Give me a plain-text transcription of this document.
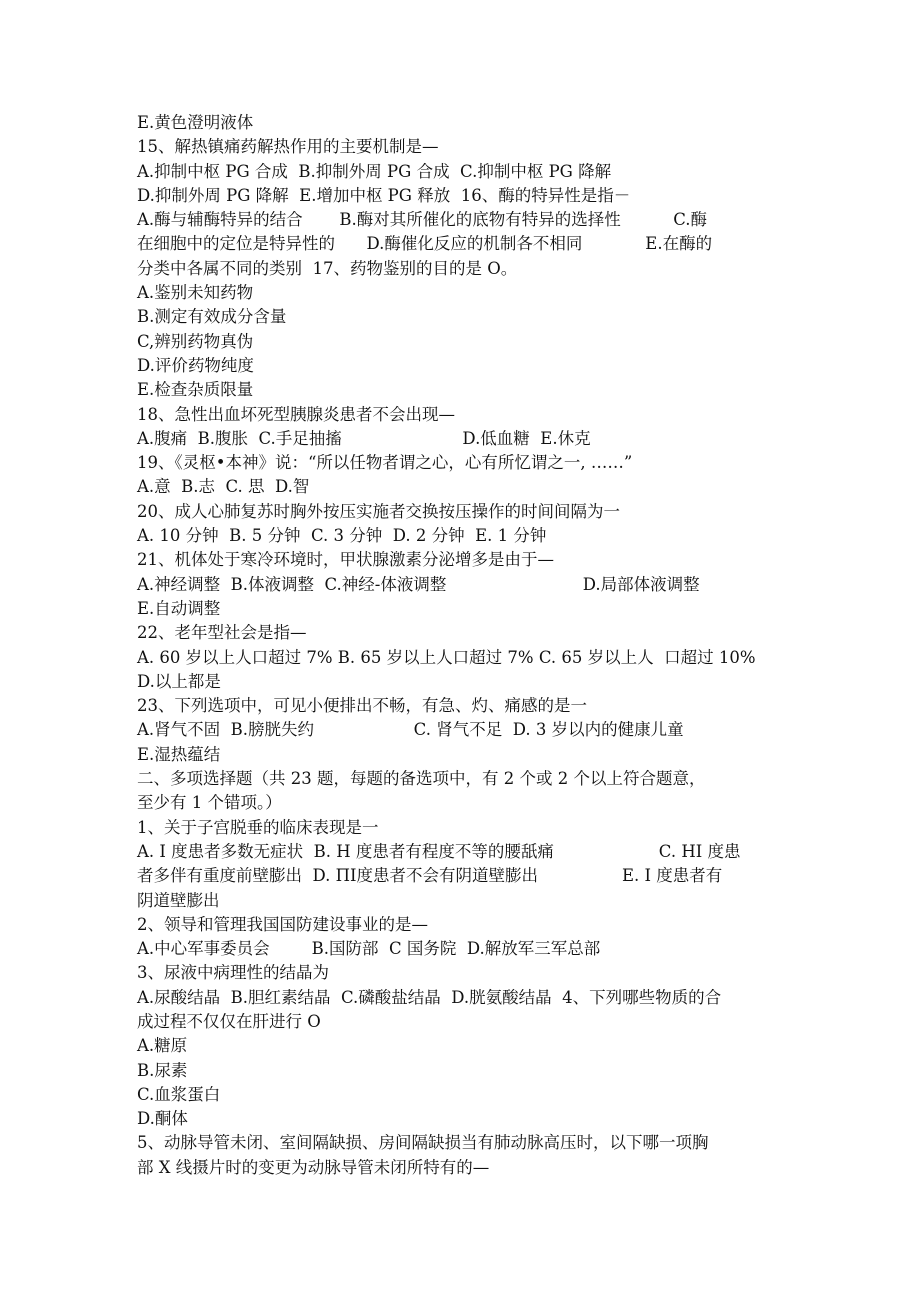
E.黄色澄明液体
15、解热镇痛药解热作用的主要机制是—
A.抑制中枢 PG 合成  B.抑制外周 PG 合成  C.抑制中枢 PG 降解
D.抑制外周 PG 降解  E.增加中枢 PG 释放  16、酶的特异性是指－
A.酶与辅酶特异的结合       B.酶对其所催化的底物有特异的选择性          C.酶
在细胞中的定位是特异性的      D.酶催化反应的机制各不相同            E.在酶的
分类中各属不同的类别  17、药物鉴别的目的是 O。
A.鉴别未知药物
B.测定有效成分含量
C,辨别药物真伪
D.评价药物纯度
E.检查杂质限量
18、急性出血坏死型胰腺炎患者不会出现—
A.腹痛  B.腹胀  C.手足抽搐                       D.低血糖  E.休克
19、《灵枢•本神》说：“所以任物者谓之心，心有所忆谓之一, ……”
A.意  B.志  C. 思  D.智
20、成人心肺复苏时胸外按压实施者交换按压操作的时间间隔为一
A. 10 分钟  B. 5 分钟  C. 3 分钟  D. 2 分钟  E. 1 分钟
21、机体处于寒冷环境时，甲状腺激素分泌增多是由于—
A.神经调整  B.体液调整  C.神经-体液调整                          D.局部体液调整
E.自动调整
22、老年型社会是指—
A. 60 岁以上人口超过 7% B. 65 岁以上人口超过 7% C. 65 岁以上人  口超过 10%
D.以上都是
23、下列选项中，可见小便排出不畅，有急、灼、痛感的是一
A.肾气不固  B.膀胱失约                   C. 肾气不足  D. 3 岁以内的健康儿童
E.湿热蕴结
二、多项选择题（共 23 题，每题的备选项中，有 2 个或 2 个以上符合题意，
至少有 1 个错项。）
1、关于子宫脱垂的临床表现是一
A. I 度患者多数无症状  B. H 度患者有程度不等的腰舐痛                    C. HI 度患
者多伴有重度前壁膨出  D. ΠI度患者不会有阴道壁膨出                E. I 度患者有
阴道壁膨出
2、领导和管理我国国防建设事业的是—
A.中心军事委员会        B.国防部  C 国务院  D.解放军三军总部
3、尿液中病理性的结晶为
A.尿酸结晶  B.胆红素结晶  C.磷酸盐结晶  D.胱氨酸结晶  4、下列哪些物质的合
成过程不仅仅在肝进行 O
A.糖原
B.尿素
C.血浆蛋白
D.酮体
5、动脉导管未闭、室间隔缺损、房间隔缺损当有肺动脉高压时，以下哪一项胸
部 X 线摄片时的变更为动脉导管未闭所特有的—
